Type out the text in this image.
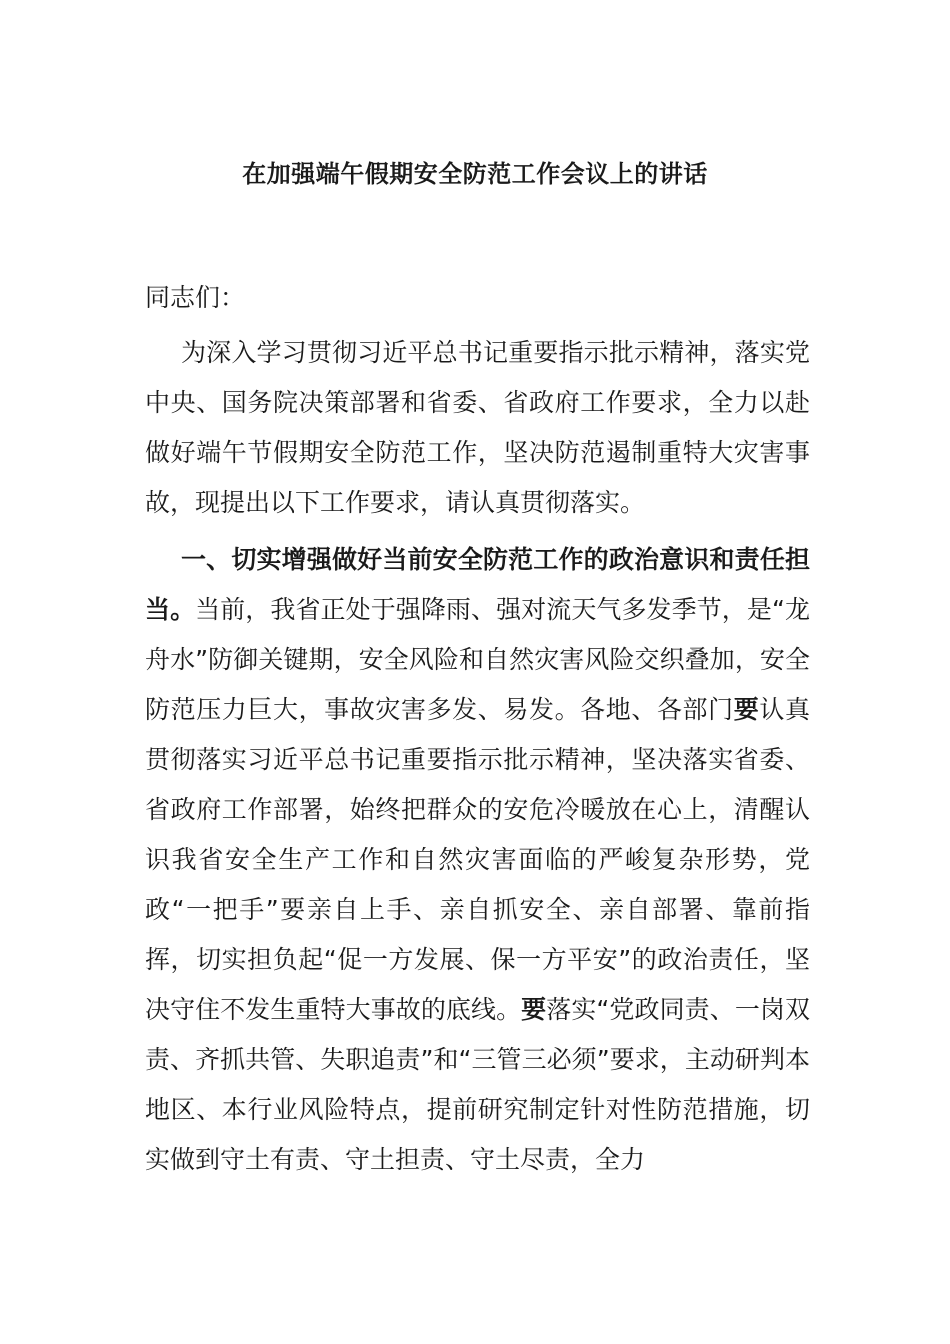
在加强端午假期安全防范工作会议上的讲话
同志们：

为深入学习贯彻习近平总书记重要指示批示精神，落实党中央、国务院决策部署和省委、省政府工作要求，全力以赴做好端午节假期安全防范工作，坚决防范遏制重特大灾害事故，现提出以下工作要求，请认真贯彻落实。

一、切实增强做好当前安全防范工作的政治意识和责任担当。当前，我省正处于强降雨、强对流天气多发季节，是“龙舟水”防御关键期，安全风险和自然灾害风险交织叠加，安全防范压力巨大，事故灾害多发、易发。各地、各部门要认真贯彻落实习近平总书记重要指示批示精神，坚决落实省委、省政府工作部署，始终把群众的安危冷暖放在心上，清醒认识我省安全生产工作和自然灾害面临的严峻复杂形势，党政“一把手”要亲自上手、亲自抓安全、亲自部署、靠前指挥，切实担负起“促一方发展、保一方平安”的政治责任，坚决守住不发生重特大事故的底线。要落实“党政同责、一岗双责、齐抓共管、失职追责”和“三管三必须”要求，主动研判本地区、本行业风险特点，提前研究制定针对性防范措施，切实做到守土有责、守土担责、守土尽责，全力
